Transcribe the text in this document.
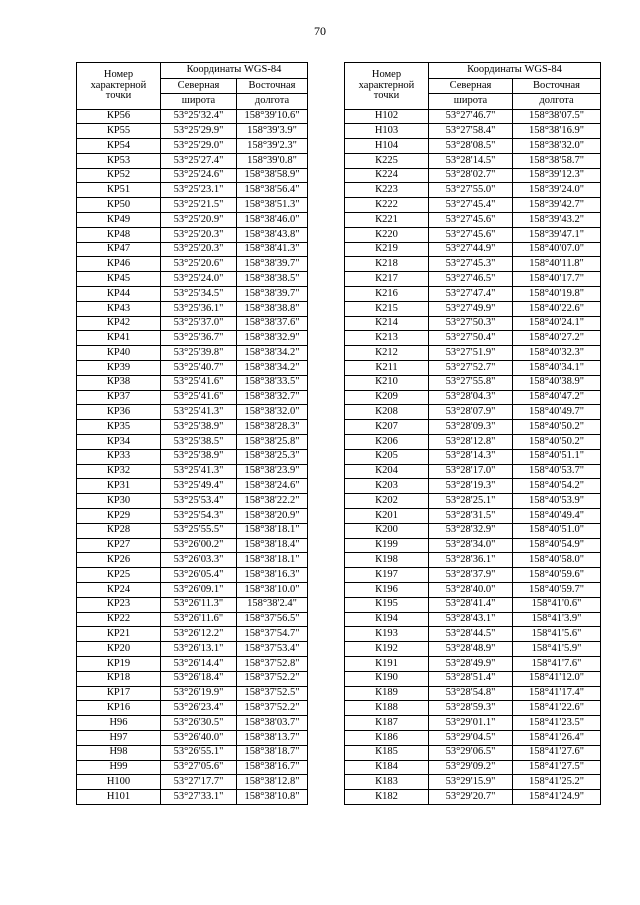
70
Номер
характерной
точки	Координаты WGS-84	
	Северная	Восточная
	широта	долгота
КР56	53°25'32.4"	158°39'10.6"
КР55	53°25'29.9"	158°39'3.9"
КР54	53°25'29.0"	158°39'2.3"
КР53	53°25'27.4"	158°39'0.8"
КР52	53°25'24.6"	158°38'58.9"
КР51	53°25'23.1"	158°38'56.4"
КР50	53°25'21.5"	158°38'51.3"
КР49	53°25'20.9"	158°38'46.0"
КР48	53°25'20.3"	158°38'43.8"
КР47	53°25'20.3"	158°38'41.3"
КР46	53°25'20.6"	158°38'39.7"
КР45	53°25'24.0"	158°38'38.5"
КР44	53°25'34.5"	158°38'39.7"
КР43	53°25'36.1"	158°38'38.8"
КР42	53°25'37.0"	158°38'37.6"
КР41	53°25'36.7"	158°38'32.9"
КР40	53°25'39.8"	158°38'34.2"
КР39	53°25'40.7"	158°38'34.2"
КР38	53°25'41.6"	158°38'33.5"
КР37	53°25'41.6"	158°38'32.7"
КР36	53°25'41.3"	158°38'32.0"
КР35	53°25'38.9"	158°38'28.3"
КР34	53°25'38.5"	158°38'25.8"
КР33	53°25'38.9"	158°38'25.3"
КР32	53°25'41.3"	158°38'23.9"
КР31	53°25'49.4"	158°38'24.6"
КР30	53°25'53.4"	158°38'22.2"
КР29	53°25'54.3"	158°38'20.9"
КР28	53°25'55.5"	158°38'18.1"
КР27	53°26'00.2"	158°38'18.4"
КР26	53°26'03.3"	158°38'18.1"
КР25	53°26'05.4"	158°38'16.3"
КР24	53°26'09.1"	158°38'10.0"
КР23	53°26'11.3"	158°38'2.4"
КР22	53°26'11.6"	158°37'56.5"
КР21	53°26'12.2"	158°37'54.7"
КР20	53°26'13.1"	158°37'53.4"
КР19	53°26'14.4"	158°37'52.8"
КР18	53°26'18.4"	158°37'52.2"
КР17	53°26'19.9"	158°37'52.5"
КР16	53°26'23.4"	158°37'52.2"
Н96	53°26'30.5"	158°38'03.7"
Н97	53°26'40.0"	158°38'13.7"
Н98	53°26'55.1"	158°38'18.7"
Н99	53°27'05.6"	158°38'16.7"
Н100	53°27'17.7"	158°38'12.8"
Н101	53°27'33.1"	158°38'10.8"
Номер
характерной
точки	Координаты WGS-84	
	Северная	Восточная
	широта	долгота
Н102	53°27'46.7"	158°38'07.5"
Н103	53°27'58.4"	158°38'16.9"
Н104	53°28'08.5"	158°38'32.0"
К225	53°28'14.5"	158°38'58.7"
К224	53°28'02.7"	158°39'12.3"
К223	53°27'55.0"	158°39'24.0"
К222	53°27'45.4"	158°39'42.7"
К221	53°27'45.6"	158°39'43.2"
К220	53°27'45.6"	158°39'47.1"
К219	53°27'44.9"	158°40'07.0"
К218	53°27'45.3"	158°40'11.8"
К217	53°27'46.5"	158°40'17.7"
К216	53°27'47.4"	158°40'19.8"
К215	53°27'49.9"	158°40'22.6"
К214	53°27'50.3"	158°40'24.1"
К213	53°27'50.4"	158°40'27.2"
К212	53°27'51.9"	158°40'32.3"
К211	53°27'52.7"	158°40'34.1"
К210	53°27'55.8"	158°40'38.9"
К209	53°28'04.3"	158°40'47.2"
К208	53°28'07.9"	158°40'49.7"
К207	53°28'09.3"	158°40'50.2"
К206	53°28'12.8"	158°40'50.2"
К205	53°28'14.3"	158°40'51.1"
К204	53°28'17.0"	158°40'53.7"
К203	53°28'19.3"	158°40'54.2"
К202	53°28'25.1"	158°40'53.9"
К201	53°28'31.5"	158°40'49.4"
К200	53°28'32.9"	158°40'51.0"
К199	53°28'34.0"	158°40'54.9"
К198	53°28'36.1"	158°40'58.0"
К197	53°28'37.9"	158°40'59.6"
К196	53°28'40.0"	158°40'59.7"
К195	53°28'41.4"	158°41'0.6"
К194	53°28'43.1"	158°41'3.9"
К193	53°28'44.5"	158°41'5.6"
К192	53°28'48.9"	158°41'5.9"
К191	53°28'49.9"	158°41'7.6"
К190	53°28'51.4"	158°41'12.0"
К189	53°28'54.8"	158°41'17.4"
К188	53°28'59.3"	158°41'22.6"
К187	53°29'01.1"	158°41'23.5"
К186	53°29'04.5"	158°41'26.4"
К185	53°29'06.5"	158°41'27.6"
К184	53°29'09.2"	158°41'27.5"
К183	53°29'15.9"	158°41'25.2"
К182	53°29'20.7"	158°41'24.9"
